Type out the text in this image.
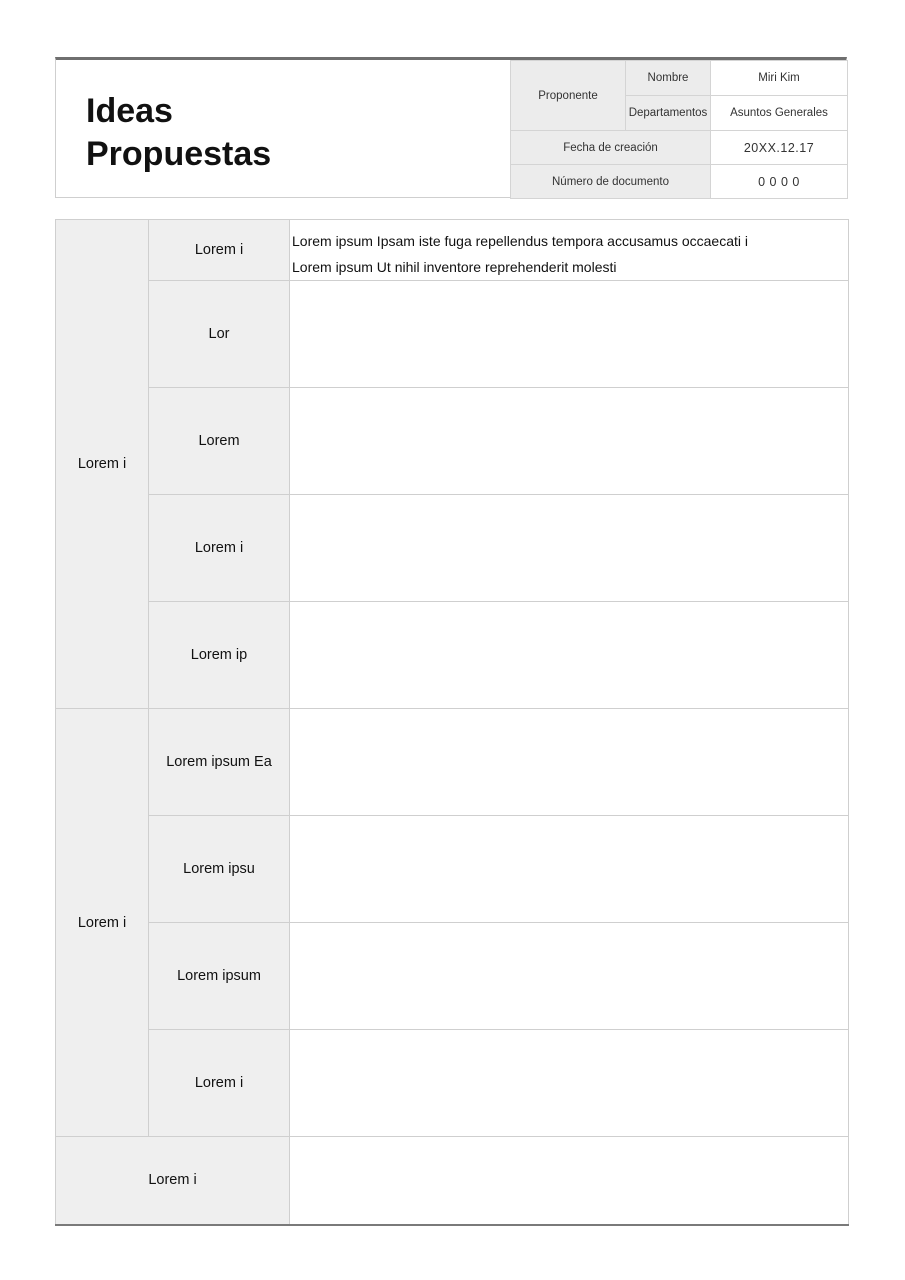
Ideas
Propuestas
Proponente	Nombre	Miri Kim
	Departamentos	Asuntos Generales
Fecha de creación		20XX.12.17
Número de documento		0 0 0 0
Lorem i	Lorem i	Lorem ipsum Ipsam iste fuga repellendus tempora accusamus occaecati i
Lorem ipsum Ut nihil inventore reprehenderit molesti

	Lor	
	Lorem	
	Lorem i	
	Lorem ip	
Lorem i	Lorem ipsum Ea	
	Lorem ipsu	
	Lorem ipsum	
	Lorem i	
Lorem i		
